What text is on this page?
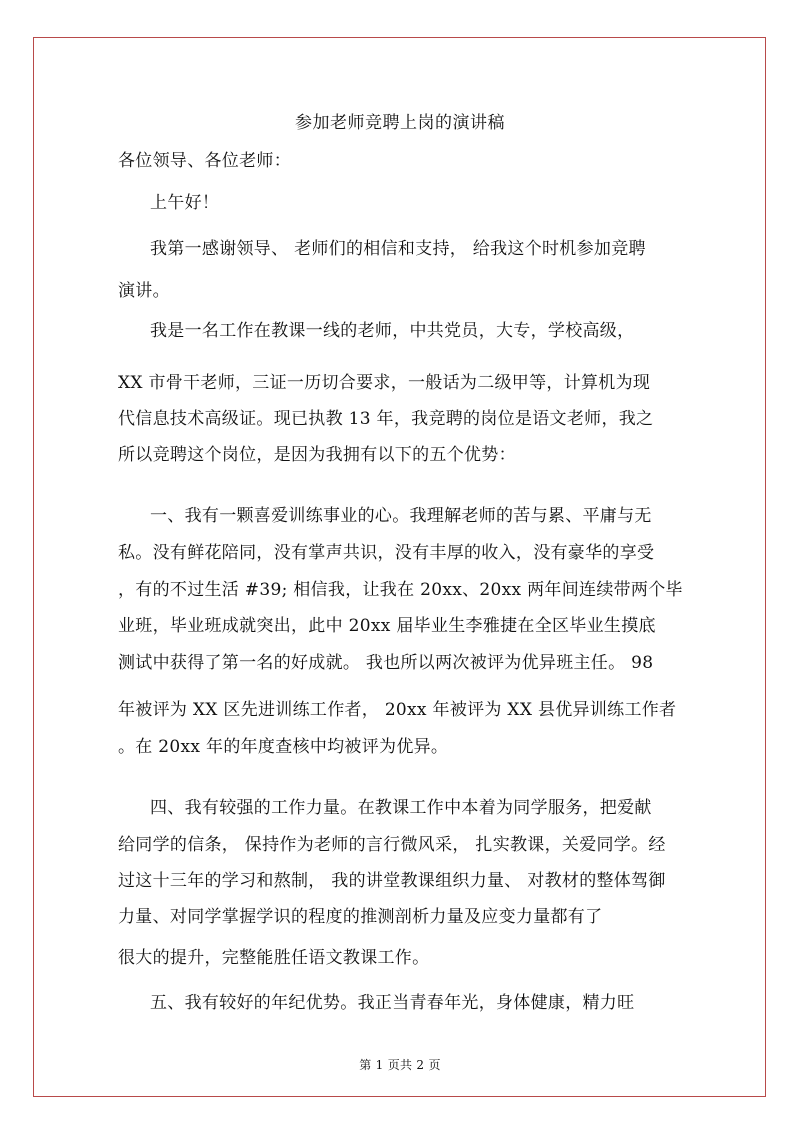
参加老师竞聘上岗的演讲稿
各位领导、各位老师：
上午好！
我第一感谢领导、 老师们的相信和支持， 给我这个时机参加竞聘
演讲。
我是一名工作在教课一线的老师，中共党员，大专，学校高级，
XX 市骨干老师，三证一历切合要求，一般话为二级甲等，计算机为现
代信息技术高级证。现已执教 13 年，我竞聘的岗位是语文老师，我之
所以竞聘这个岗位，是因为我拥有以下的五个优势：
一、我有一颗喜爱训练事业的心。我理解老师的苦与累、平庸与无
私。没有鲜花陪同，没有掌声共识，没有丰厚的收入，没有豪华的享受
，有的不过生活 #39; 相信我，让我在 20xx、20xx 两年间连续带两个毕
业班，毕业班成就突出，此中 20xx 届毕业生李雅捷在全区毕业生摸底
测试中获得了第一名的好成就。 我也所以两次被评为优异班主任。 98
年被评为 XX 区先进训练工作者， 20xx 年被评为 XX 县优异训练工作者
。在 20xx 年的年度查核中均被评为优异。
四、我有较强的工作力量。在教课工作中本着为同学服务，把爱献
给同学的信条， 保持作为老师的言行微风采， 扎实教课，关爱同学。经
过这十三年的学习和熬制， 我的讲堂教课组织力量、 对教材的整体驾御
力量、对同学掌握学识的程度的推测剖析力量及应变力量都有了
很大的提升，完整能胜任语文教课工作。
五、我有较好的年纪优势。我正当青春年光，身体健康，精力旺
第 1 页共 2 页
